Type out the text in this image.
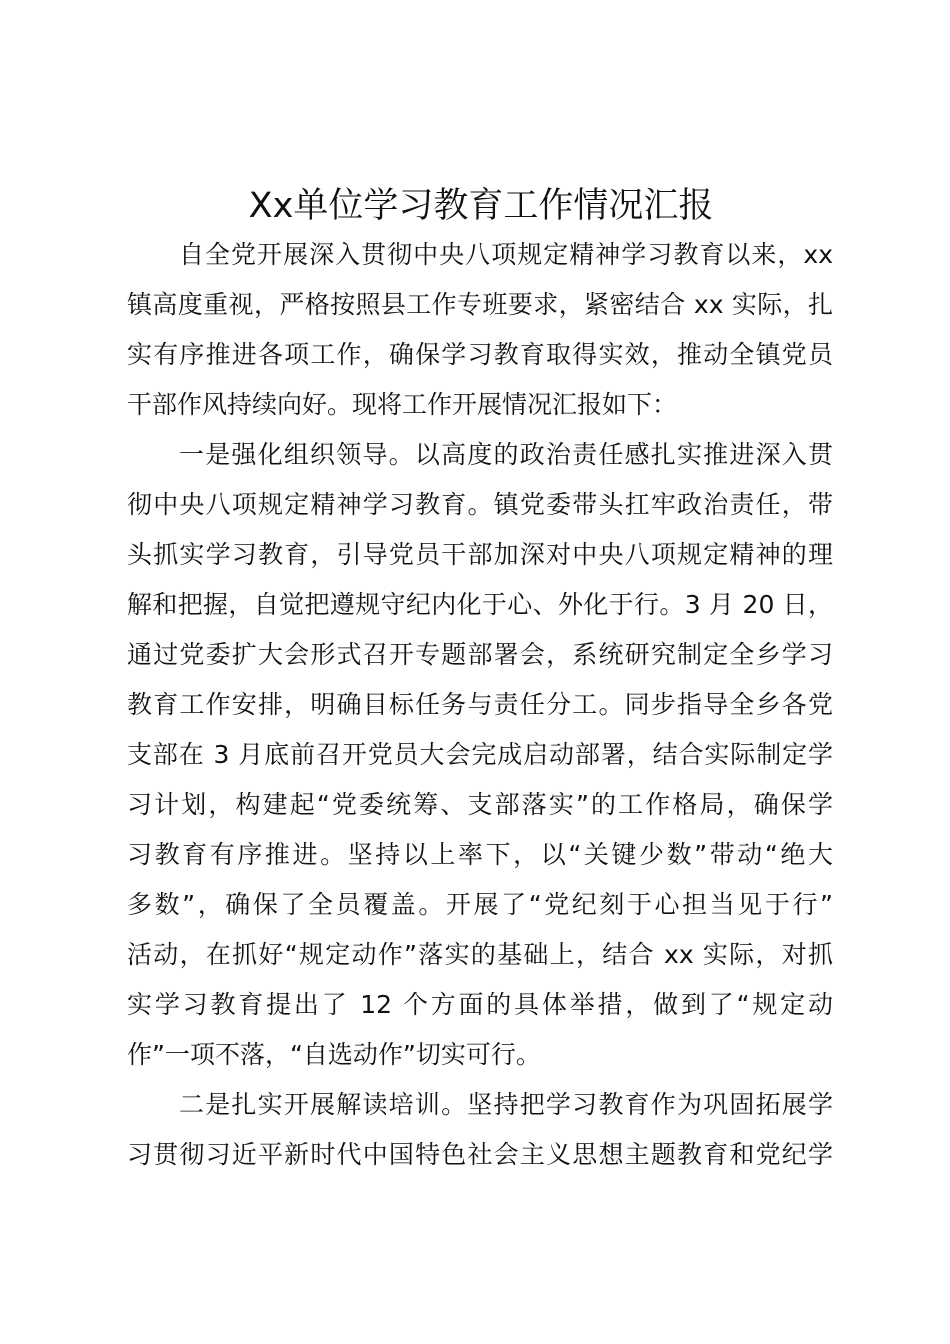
Xx单位学习教育工作情况汇报

自全党开展深入贯彻中央八项规定精神学习教育以来，xx
镇高度重视，严格按照县工作专班要求，紧密结合 xx 实际，扎
实有序推进各项工作，确保学习教育取得实效，推动全镇党员
干部作风持续向好。现将工作开展情况汇报如下：

一是强化组织领导。以高度的政治责任感扎实推进深入贯
彻中央八项规定精神学习教育。镇党委带头扛牢政治责任，带
头抓实学习教育，引导党员干部加深对中央八项规定精神的理
解和把握，自觉把遵规守纪内化于心、外化于行。3 月 20 日，
通过党委扩大会形式召开专题部署会，系统研究制定全乡学习
教育工作安排，明确目标任务与责任分工。同步指导全乡各党
支部在 3 月底前召开党员大会完成启动部署，结合实际制定学
习计划，构建起“党委统筹、支部落实”的工作格局，确保学
习教育有序推进。坚持以上率下，以“关键少数”带动“绝大
多数”，确保了全员覆盖。开展了“党纪刻于心担当见于行”
活动，在抓好“规定动作”落实的基础上，结合 xx 实际，对抓
实学习教育提出了 12 个方面的具体举措，做到了“规定动
作”一项不落，“自选动作”切实可行。

二是扎实开展解读培训。坚持把学习教育作为巩固拓展学
习贯彻习近平新时代中国特色社会主义思想主题教育和党纪学
